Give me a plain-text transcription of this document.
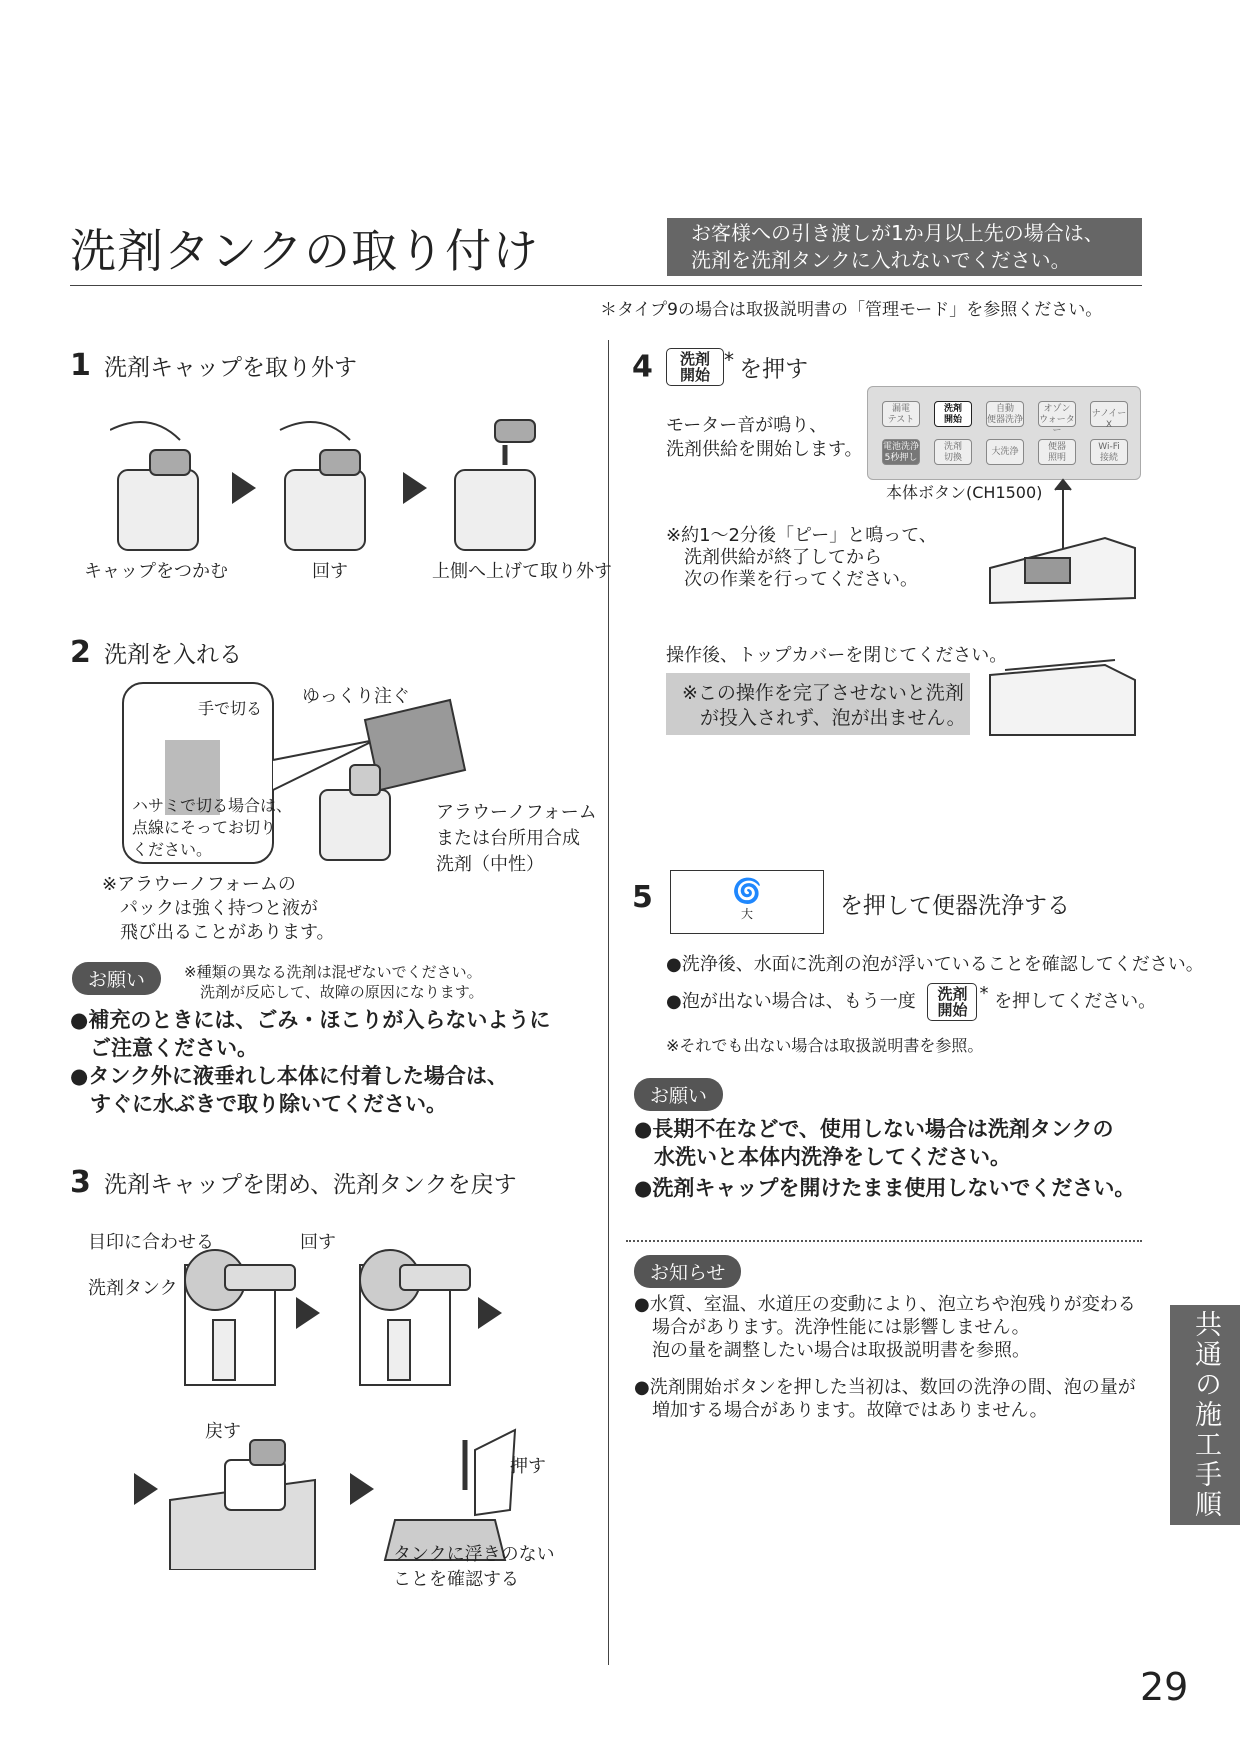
洗剤タンクの取り付け	お客様への引き渡しが1か月以上先の場合は、
洗剤を洗剤タンクに入れないでください。
＊タイプ9の場合は取扱説明書の「管理モード」を参照ください。
1 洗剤キャップを取り外す
キャップをつかむ	回す	上側へ上げて取り外す
2 洗剤を入れる
手で切る
ゆっくり注ぐ
ハサミで切る場合は、
点線にそってお切り
ください。
アラウーノフォーム
または台所用合成
洗剤（中性）
※アラウーノフォームの
パックは強く持つと液が
飛び出ることがあります。
お願い	※種類の異なる洗剤は混ぜないでください。
洗剤が反応して、故障の原因になります。
●補充のときには、ごみ・ほこりが入らないように
ご注意ください。
●タンク外に液垂れし本体に付着した場合は、
すぐに水ぶきで取り除いてください。
3 洗剤キャップを閉め、洗剤タンクを戻す
目印に合わせる	回す
洗剤タンク
戻す
押す
タンクに浮きのない
ことを確認する
4	洗剤
開始
* を押す
モーター音が鳴り、
洗剤供給を開始します。
漏電
テスト
洗剤
開始
自動
便器洗浄
オゾン
ウォーター
ナノイーX
電池洗浄
5秒押し
洗剤
切換
大洗浄	便器
照明
Wi-Fi
接続
本体ボタン(CH1500)
※約1～2分後「ピー」と鳴って、
洗剤供給が終了してから
次の作業を行ってください。
操作後、トップカバーを閉じてください。
※この操作を完了させないと洗剤
が投入されず、泡が出ません。
5	🌀
大	を押して便器洗浄する
●洗浄後、水面に洗剤の泡が浮いていることを確認してください。
●泡が出ない場合は、もう一度	洗剤
開始
* を押してください。
※それでも出ない場合は取扱説明書を参照。
お願い
●長期不在などで、使用しない場合は洗剤タンクの
水洗いと本体内洗浄をしてください。
●洗剤キャップを開けたまま使用しないでください。
お知らせ
●水質、室温、水道圧の変動により、泡立ちや泡残りが変わる
場合があります。洗浄性能には影響しません。
泡の量を調整したい場合は取扱説明書を参照。
●洗剤開始ボタンを押した当初は、数回の洗浄の間、泡の量が
増加する場合があります。故障ではありません。	共通の施工手順
29
